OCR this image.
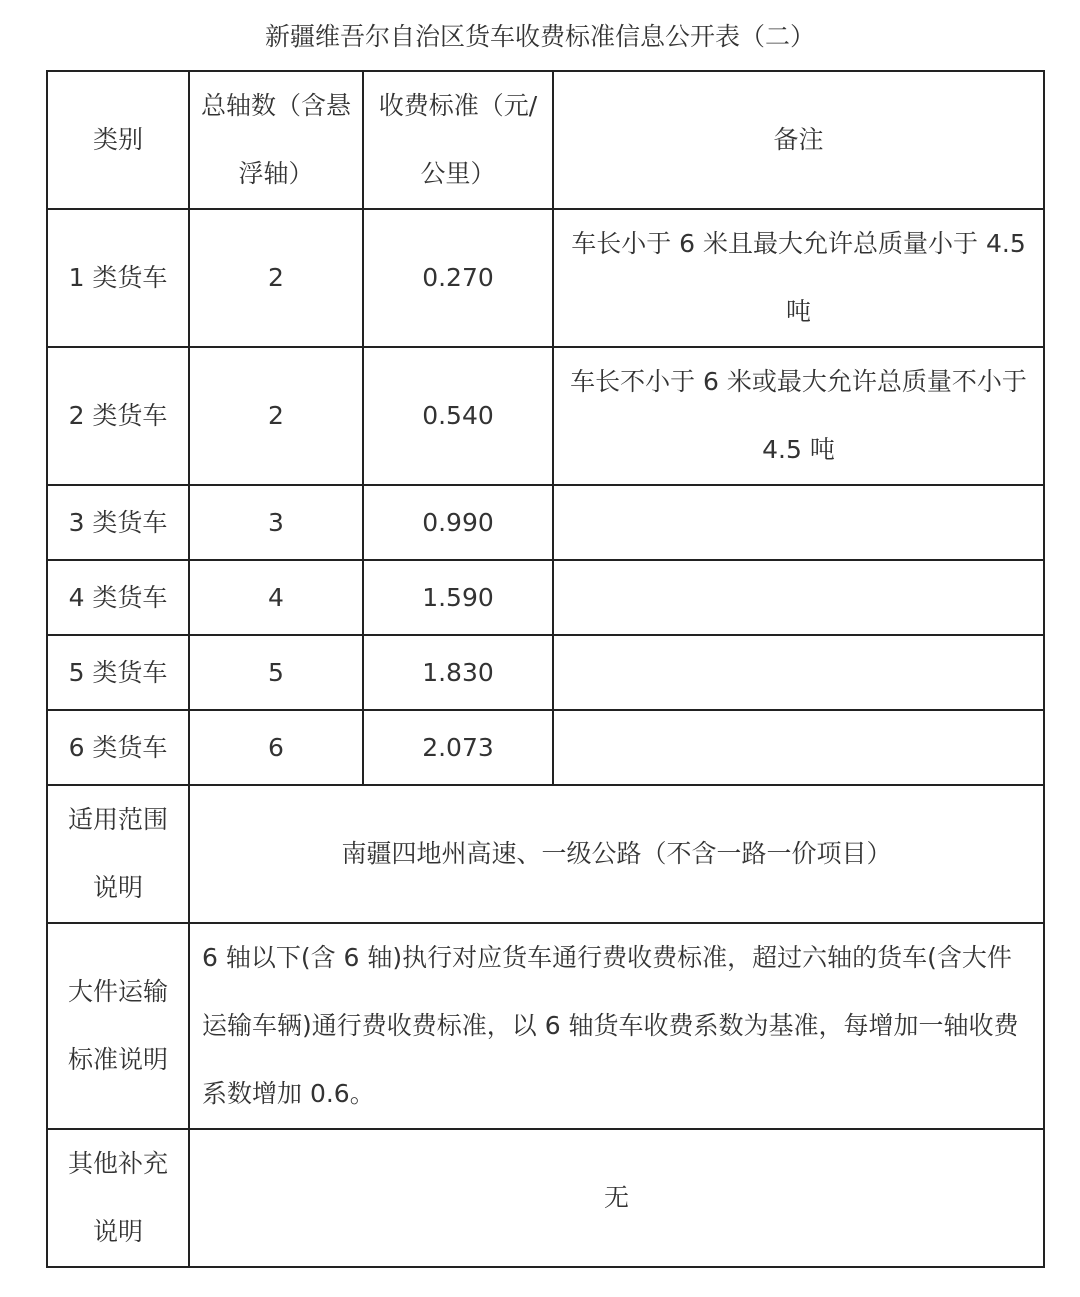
新疆维吾尔自治区货车收费标准信息公开表（二）
类别	总轴数（含悬浮轴）	收费标准（元/公里）	备注
1 类货车	2	0.270	车长小于 6 米且最大允许总质量小于 4.5 吨
2 类货车	2	0.540	车长不小于 6 米或最大允许总质量不小于 4.5 吨
3 类货车	3	0.990	
4 类货车	4	1.590	
5 类货车	5	1.830	
6 类货车	6	2.073	
适用范围说明	南疆四地州高速、一级公路（不含一路一价项目）		
大件运输标准说明	6 轴以下(含 6 轴)执行对应货车通行费收费标准，超过六轴的货车(含大件运输车辆)通行费收费标准，以 6 轴货车收费系数为基准，每增加一轴收费系数增加 0.6。		
其他补充说明	无		
